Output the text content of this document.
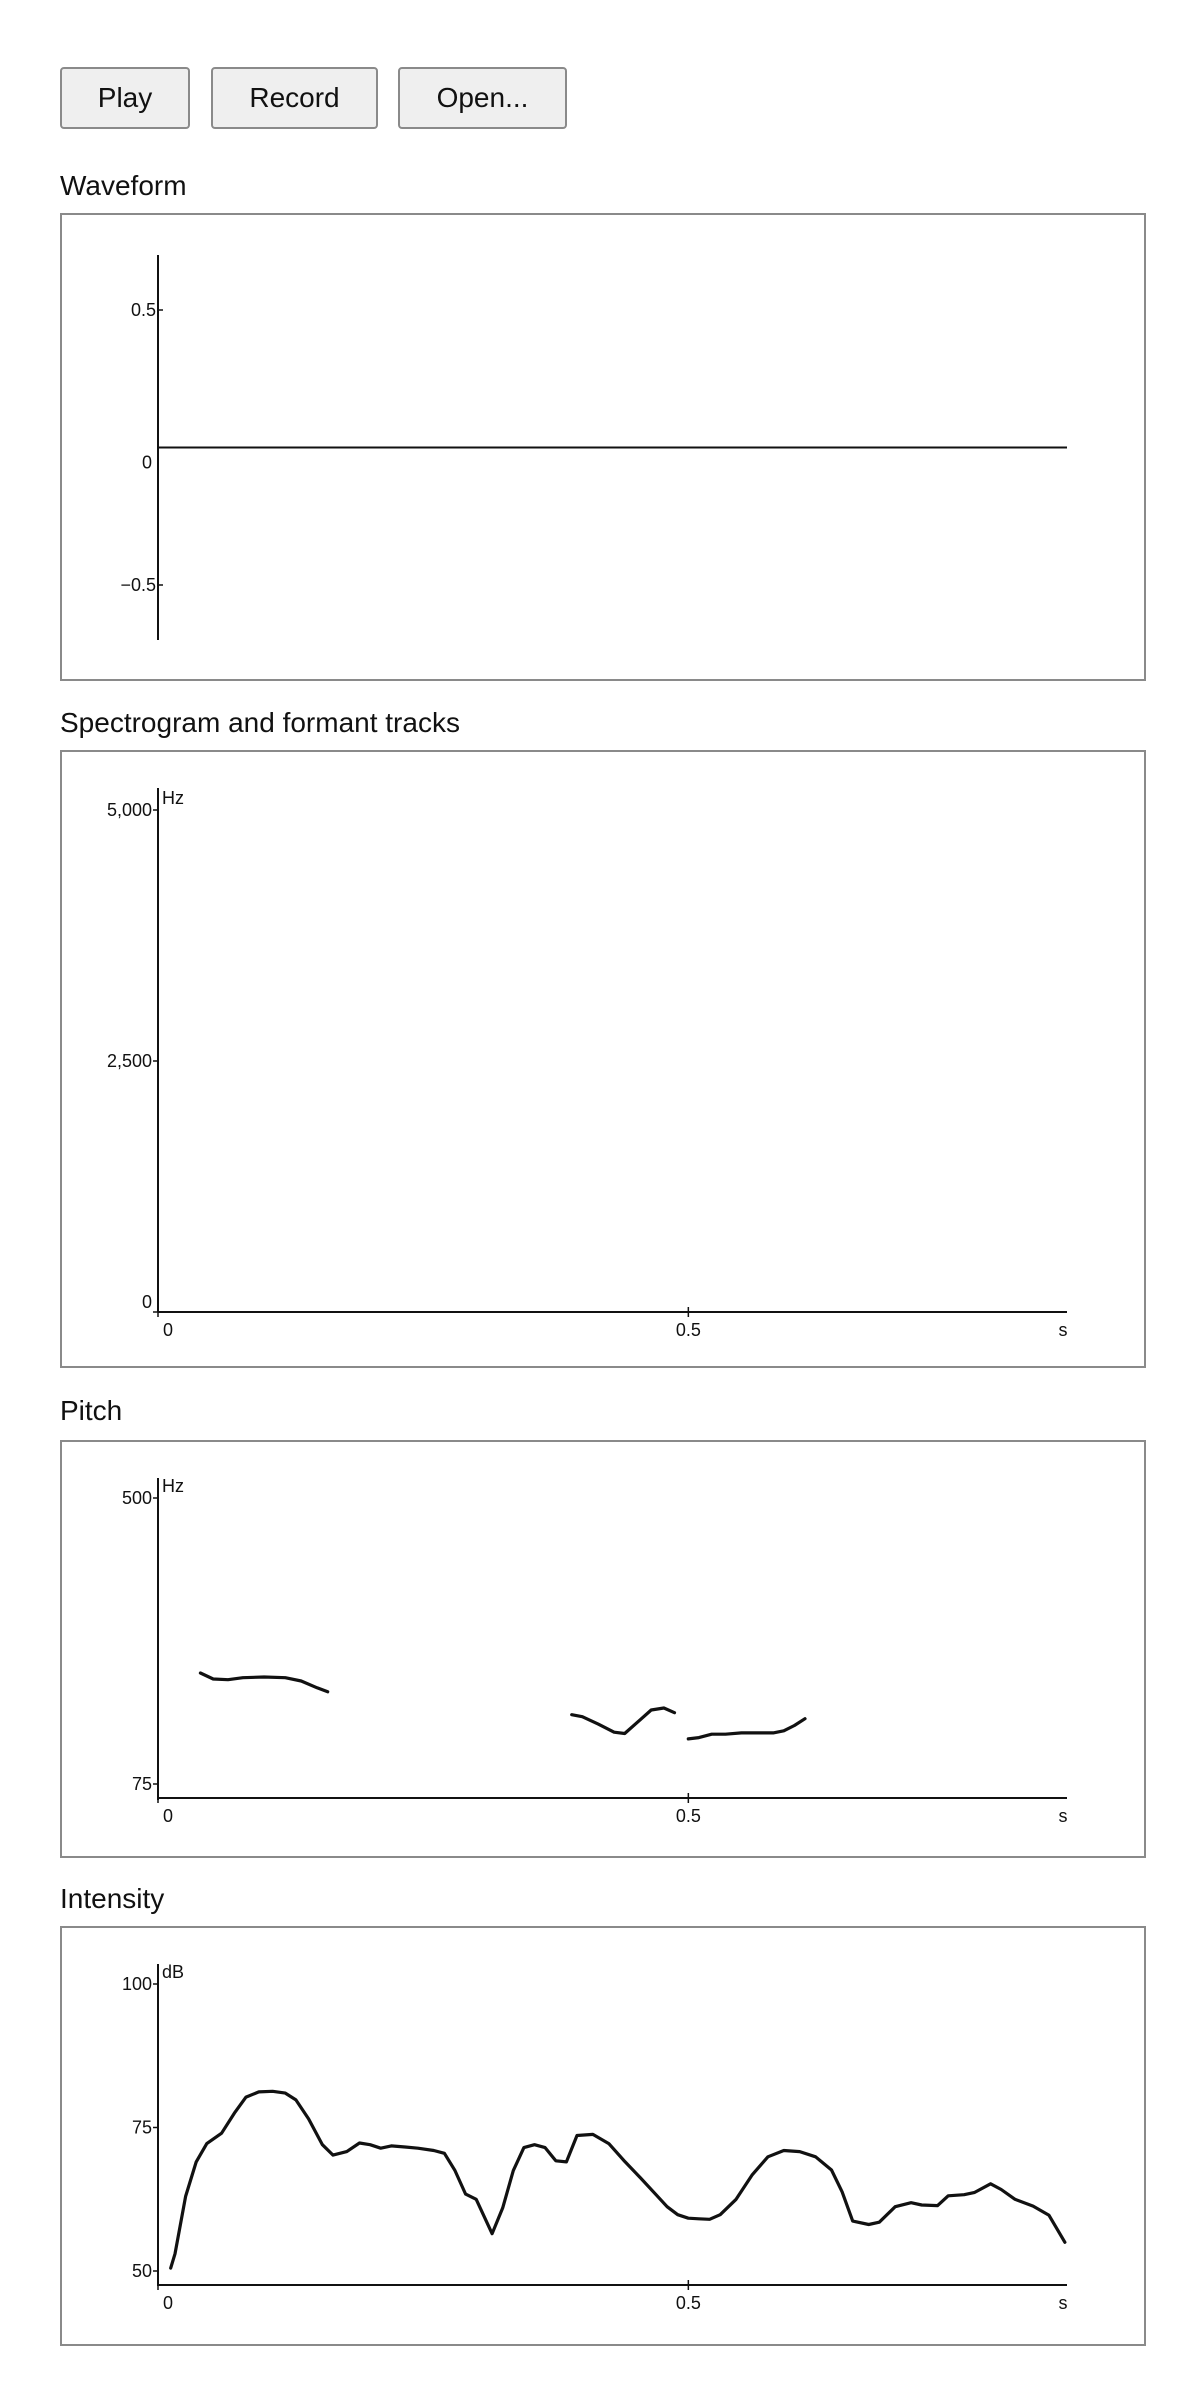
Play	Record	Open...
Waveform
0.5
0
−0.5
Spectrogram and formant tracks
5,000
2,500
0
Hz
0	0.5	s
Pitch
500
75
Hz
0	0.5	s
Intensity
100
75
50
dB
0	0.5	s
